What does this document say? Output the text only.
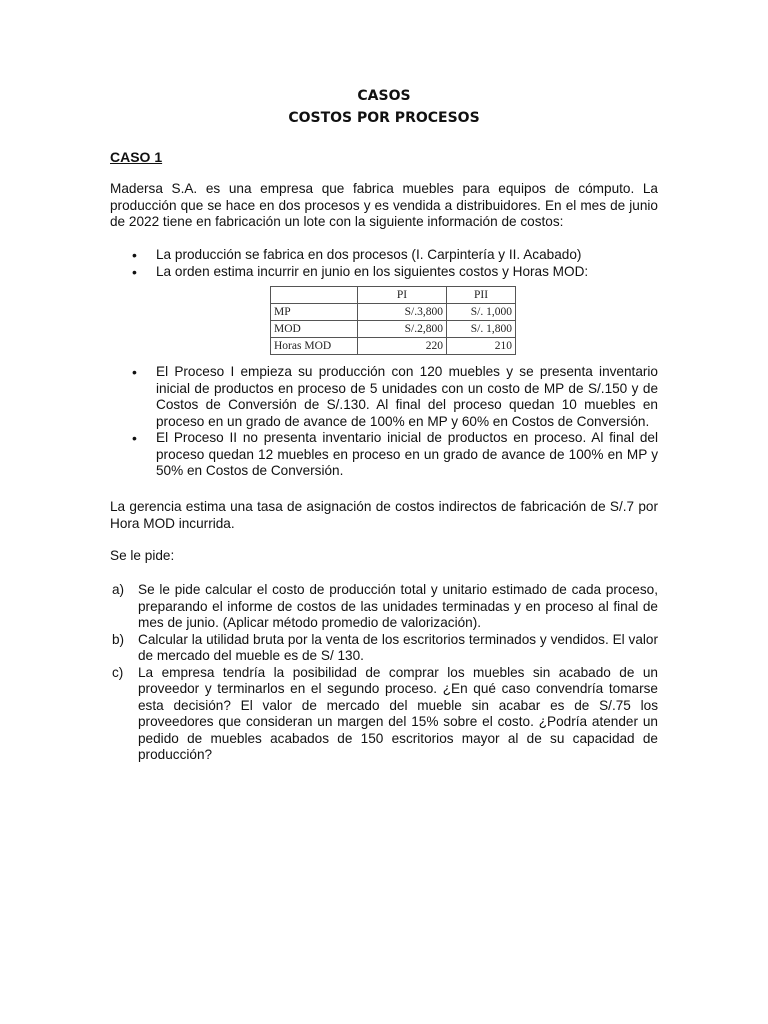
CASOS
COSTOS POR PROCESOS
CASO 1
Madersa S.A. es una empresa que fabrica muebles para equipos de cómputo. La producción que se hace en dos procesos y es vendida a distribuidores. En el mes de junio de 2022 tiene en fabricación un lote con la siguiente información de costos:
• La producción se fabrica en dos procesos (I. Carpintería y II. Acabado)
• La orden estima incurrir en junio en los siguientes costos y Horas MOD:
	PI	PII
MP	S/.3,800	S/. 1,000
MOD	S/.2,800	S/. 1,800
Horas MOD	220	210
• El Proceso I empieza su producción con 120 muebles y se presenta inventario inicial de productos en proceso de 5 unidades con un costo de MP de S/.150 y de Costos de Conversión de S/.130. Al final del proceso quedan 10 muebles en proceso en un grado de avance de 100% en MP y 60% en Costos de Conversión.
• El Proceso II no presenta inventario inicial de productos en proceso. Al final del proceso quedan 12 muebles en proceso en un grado de avance de 100% en MP y 50% en Costos de Conversión.
La gerencia estima una tasa de asignación de costos indirectos de fabricación de S/.7 por Hora MOD incurrida.
Se le pide:
a) Se le pide calcular el costo de producción total y unitario estimado de cada proceso, preparando el informe de costos de las unidades terminadas y en proceso al final de mes de junio. (Aplicar método promedio de valorización).
b) Calcular la utilidad bruta por la venta de los escritorios terminados y vendidos. El valor de mercado del mueble es de S/ 130.
c) La empresa tendría la posibilidad de comprar los muebles sin acabado de un proveedor y terminarlos en el segundo proceso. ¿En qué caso convendría tomarse esta decisión? El valor de mercado del mueble sin acabar es de S/.75 los proveedores que consideran un margen del 15% sobre el costo. ¿Podría atender un pedido de muebles acabados de 150 escritorios mayor al de su capacidad de producción?
